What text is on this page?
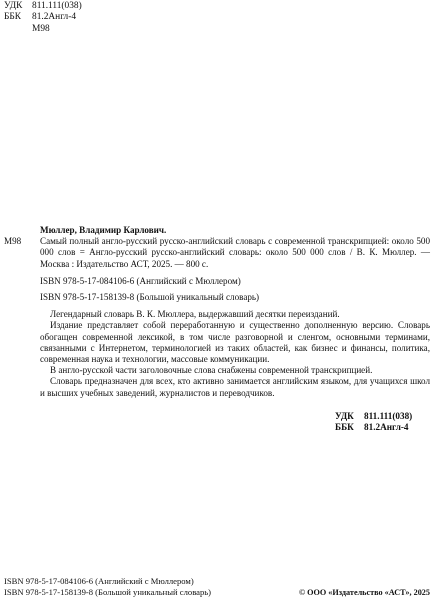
УДК	811.111(038)
ББК	81.2Англ-4
М98
Мюллер, Владимир Карлович.
М98 Самый полный англо-русский русско-английский словарь с современной транскрипцией: около 500 000 слов = Англо-русский русско-английский словарь: около 500 000 слов / В. К. Мюллер. — Москва : Издательство АСТ, 2025. — 800 с.
ISBN 978-5-17-084106-6 (Английский с Мюллером)
ISBN 978-5-17-158139-8 (Большой уникальный словарь)

Легендарный словарь В. К. Мюллера, выдержавший десятки переизданий.

Издание представляет собой переработанную и существенно дополненную версию. Словарь обогащен современной лексикой, в том числе разговорной и сленгом, основными терминами, связанными с Интернетом, терминологией из таких областей, как бизнес и финансы, политика, современная наука и технологии, массовые коммуникации.

В англо-русской части заголовочные слова снабжены современной транскрипцией.

Словарь предназначен для всех, кто активно занимается английским языком, для учащихся школ и высших учебных заведений, журналистов и переводчиков.

УДК	811.111(038)
ББК	81.2Англ-4
ISBN 978-5-17-084106-6 (Английский с Мюллером)
ISBN 978-5-17-158139-8 (Большой уникальный словарь)	© ООО «Издательство «АСТ», 2025
